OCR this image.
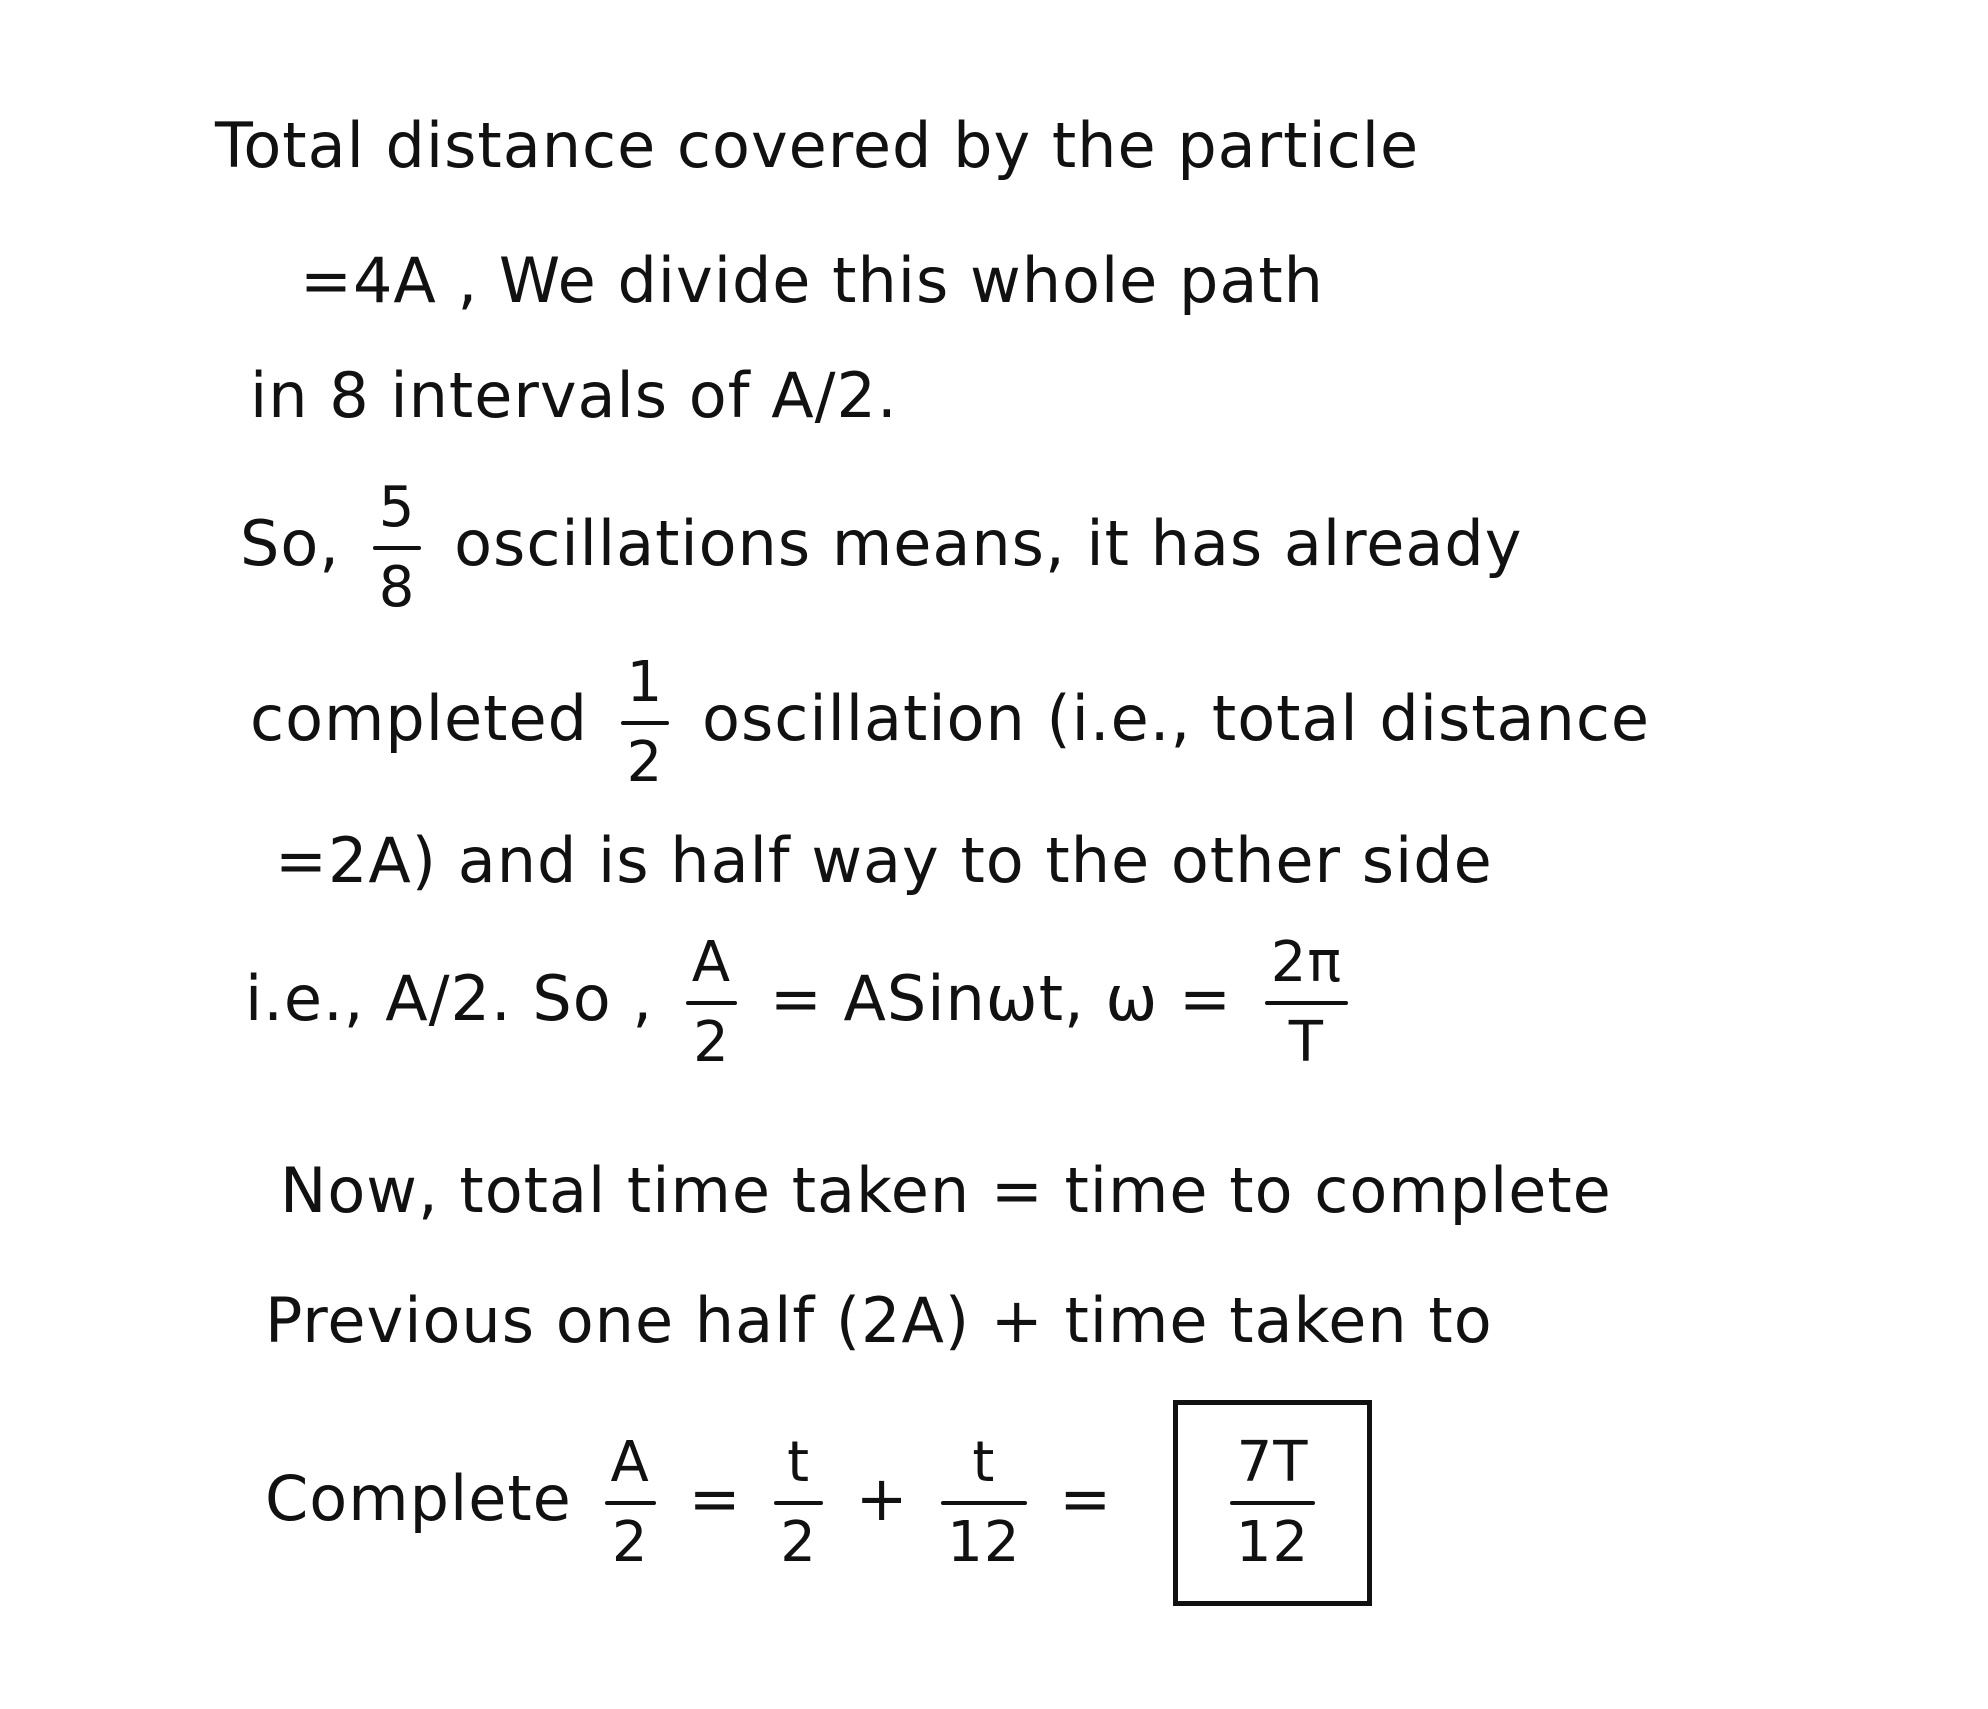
Total distance covered by the particle
=4A , We divide this whole path
in 8 intervals of A/2.
So, $\frac{5}{8}$ oscillations means, it has already
completed $\frac{1}{2}$ oscillation (i.e., total distance
=2A) and is half way to the other side
i.e., A/2. So , $\frac{A}{2}$ = ASinωt, $\omega = \frac{2\pi}{T}$
Now, total time taken = time to complete
Previous one half (2A) + time taken to
Complete $\frac{A}{2} = \frac{t}{2} + \frac{t}{12} = \frac{7T}{12}$
